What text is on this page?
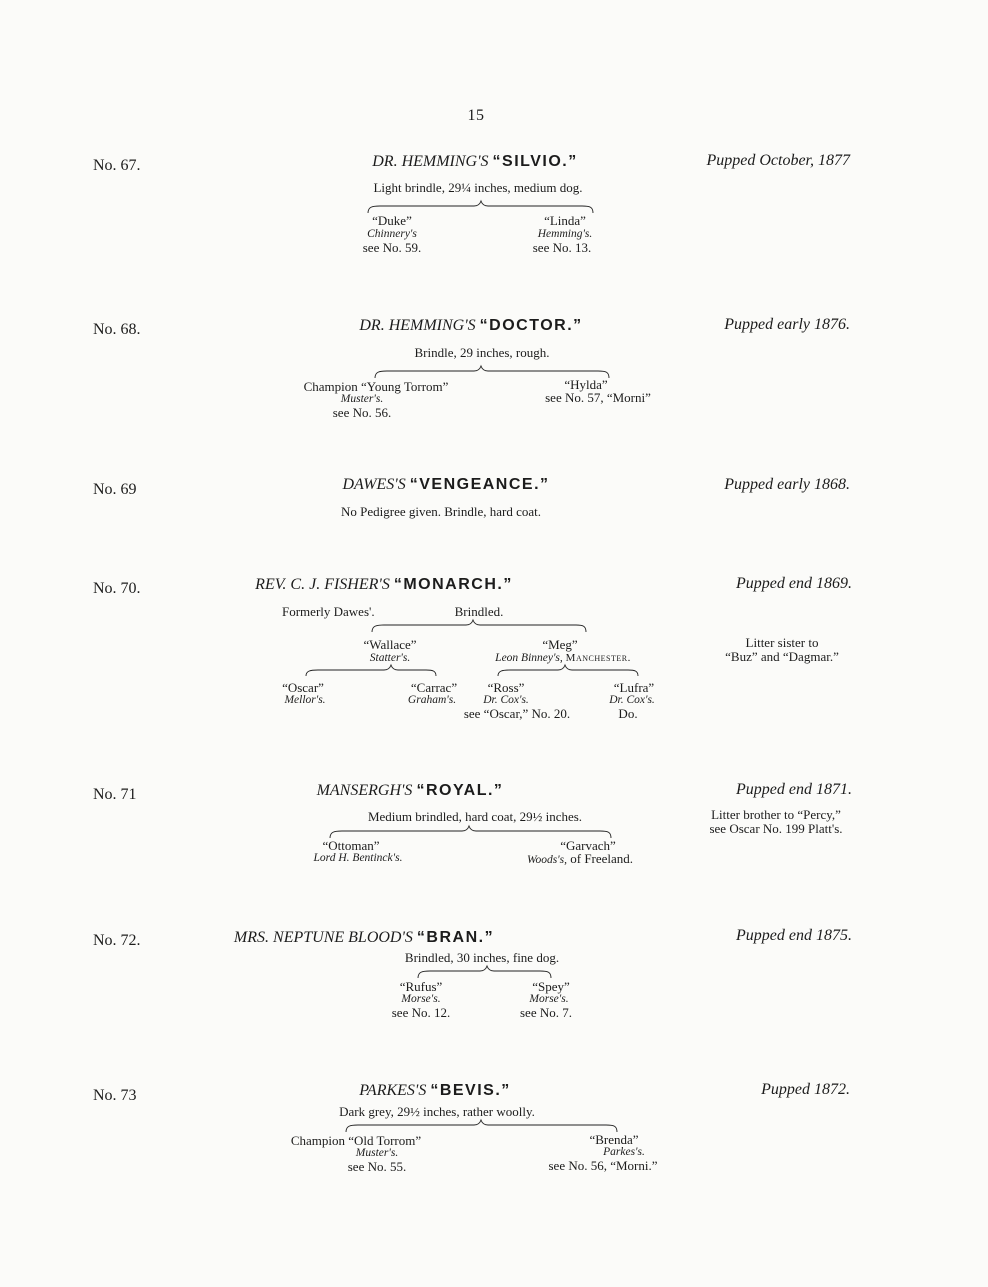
15
No. 67.	DR. HEMMING'S “SILVIO.”	Pupped October, 1877
Light brindle, 29¼ inches, medium dog.
“Duke”
Chinnery's
see No. 59.
“Linda”
Hemming's.
see No. 13.
No. 68.	DR. HEMMING'S “DOCTOR.”	Pupped early 1876.
Brindle, 29 inches, rough.
Champion “Young Torrom”
Muster's.
see No. 56.
“Hylda”
see No. 57, “Morni”
No. 69	DAWES'S “VENGEANCE.”	Pupped early 1868.
No Pedigree given. Brindle, hard coat.
No. 70.	REV. C. J. FISHER'S “MONARCH.”	Pupped end 1869.
Formerly Dawes'.	Brindled.
Litter sister to
“Buz” and “Dagmar.”
“Wallace”
Statter's.
“Meg”
Leon Binney's, Manchester.
“Oscar”
Mellor's.
“Carrac”
Graham's.
“Ross”
Dr. Cox's.
see “Oscar,” No. 20.
“Lufra”
Dr. Cox's.
Do.
No. 71	MANSERGH'S “ROYAL.”	Pupped end 1871.
Medium brindled, hard coat, 29½ inches.	Litter brother to “Percy,”
see Oscar No. 199 Platt's.
“Ottoman”
Lord H. Bentinck's.
“Garvach”
Woods's, of Freeland.
No. 72.	MRS. NEPTUNE BLOOD'S “BRAN.”	Pupped end 1875.
Brindled, 30 inches, fine dog.
“Rufus”
Morse's.
see No. 12.
“Spey”
Morse's.
see No. 7.
No. 73	PARKES'S “BEVIS.”	Pupped 1872.
Dark grey, 29½ inches, rather woolly.
Champion “Old Torrom”
Muster's.
see No. 55.
“Brenda”
Parkes's.
see No. 56, “Morni.”
